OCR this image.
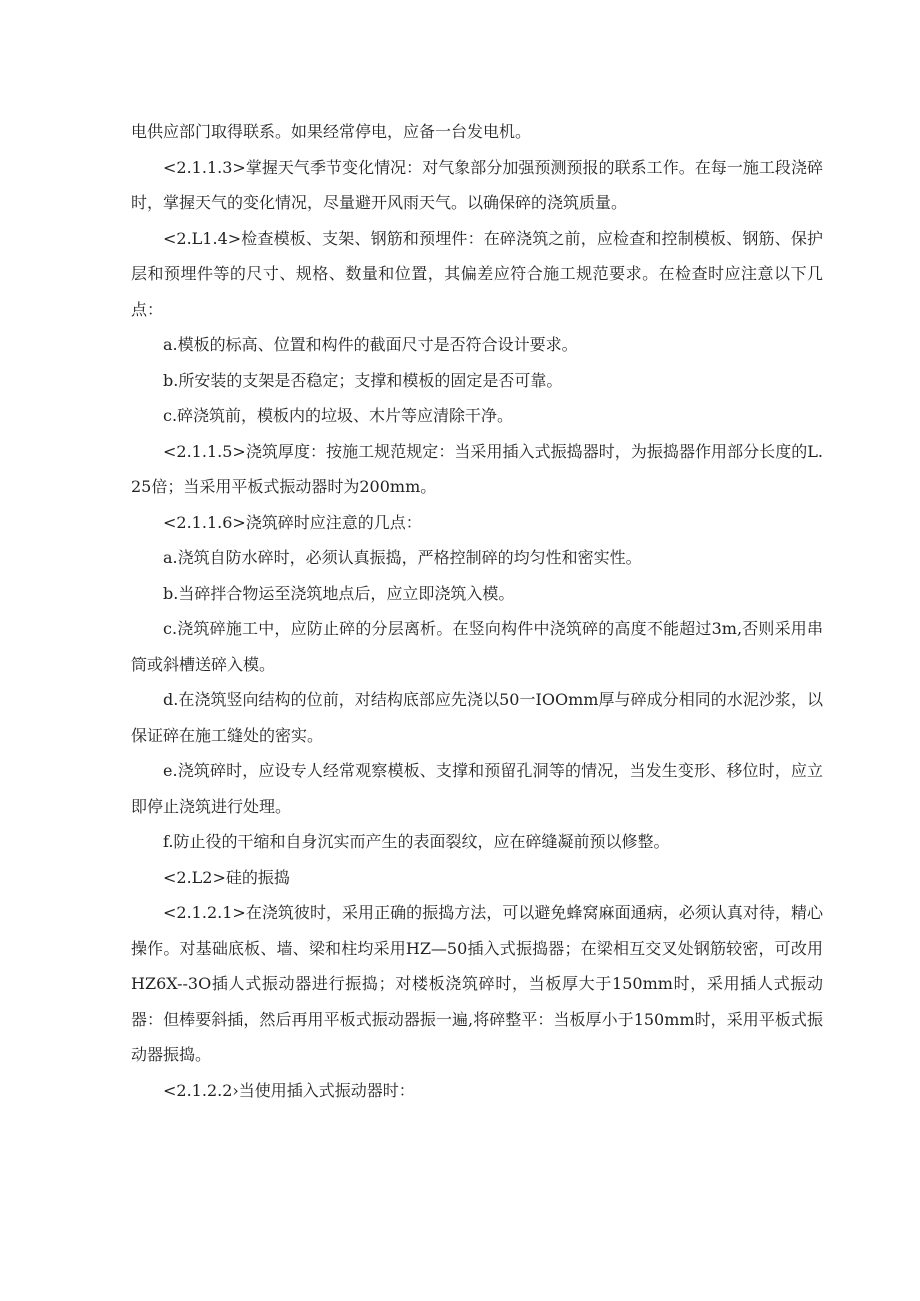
电供应部门取得联系。如果经常停电，应备一台发电机。

<2.1.1.3>掌握天气季节变化情况：对气象部分加强预测预报的联系工作。在每一施工段浇碎时，掌握天气的变化情况，尽量避开风雨天气。以确保碎的浇筑质量。

<2.L1.4>检查模板、支架、钢筋和预埋件：在碎浇筑之前，应检查和控制模板、钢筋、保护层和预埋件等的尺寸、规格、数量和位置，其偏差应符合施工规范要求。在检查时应注意以下几点：

a.模板的标高、位置和构件的截面尺寸是否符合设计要求。

b.所安装的支架是否稳定；支撑和模板的固定是否可靠。

c.碎浇筑前，模板内的垃圾、木片等应清除干净。

<2.1.1.5>浇筑厚度：按施工规范规定：当采用插入式振捣器时，为振捣器作用部分长度的L.25倍；当采用平板式振动器时为200mm。

<2.1.1.6>浇筑碎时应注意的几点：

a.浇筑自防水碎时，必须认真振捣，严格控制碎的均匀性和密实性。

b.当碎拌合物运至浇筑地点后，应立即浇筑入模。

c.浇筑碎施工中，应防止碎的分层离析。在竖向构件中浇筑碎的高度不能超过3m,否则采用串筒或斜槽送碎入模。

d.在浇筑竖向结构的位前，对结构底部应先浇以50一IOOmm厚与碎成分相同的水泥沙浆，以保证碎在施工缝处的密实。

e.浇筑碎时，应设专人经常观察模板、支撑和预留孔洞等的情况，当发生变形、移位时，应立即停止浇筑进行处理。

f.防止役的干缩和自身沉实而产生的表面裂纹，应在碎缝凝前预以修整。

<2.L2>硅的振捣

<2.1.2.1>在浇筑彼时，采用正确的振捣方法，可以避免蜂窝麻面通病，必须认真对待，精心操作。对基础底板、墙、梁和柱均采用HZ—50插入式振捣器；在梁相互交叉处钢筋较密，可改用HZ6X--3O插人式振动器进行振捣；对楼板浇筑碎时，当板厚大于150mm时，采用插人式振动器：但棒要斜插，然后再用平板式振动器振一遍,将碎整平：当板厚小于150mm时，采用平板式振动器振捣。

<2.1.2.2›当使用插入式振动器时：
